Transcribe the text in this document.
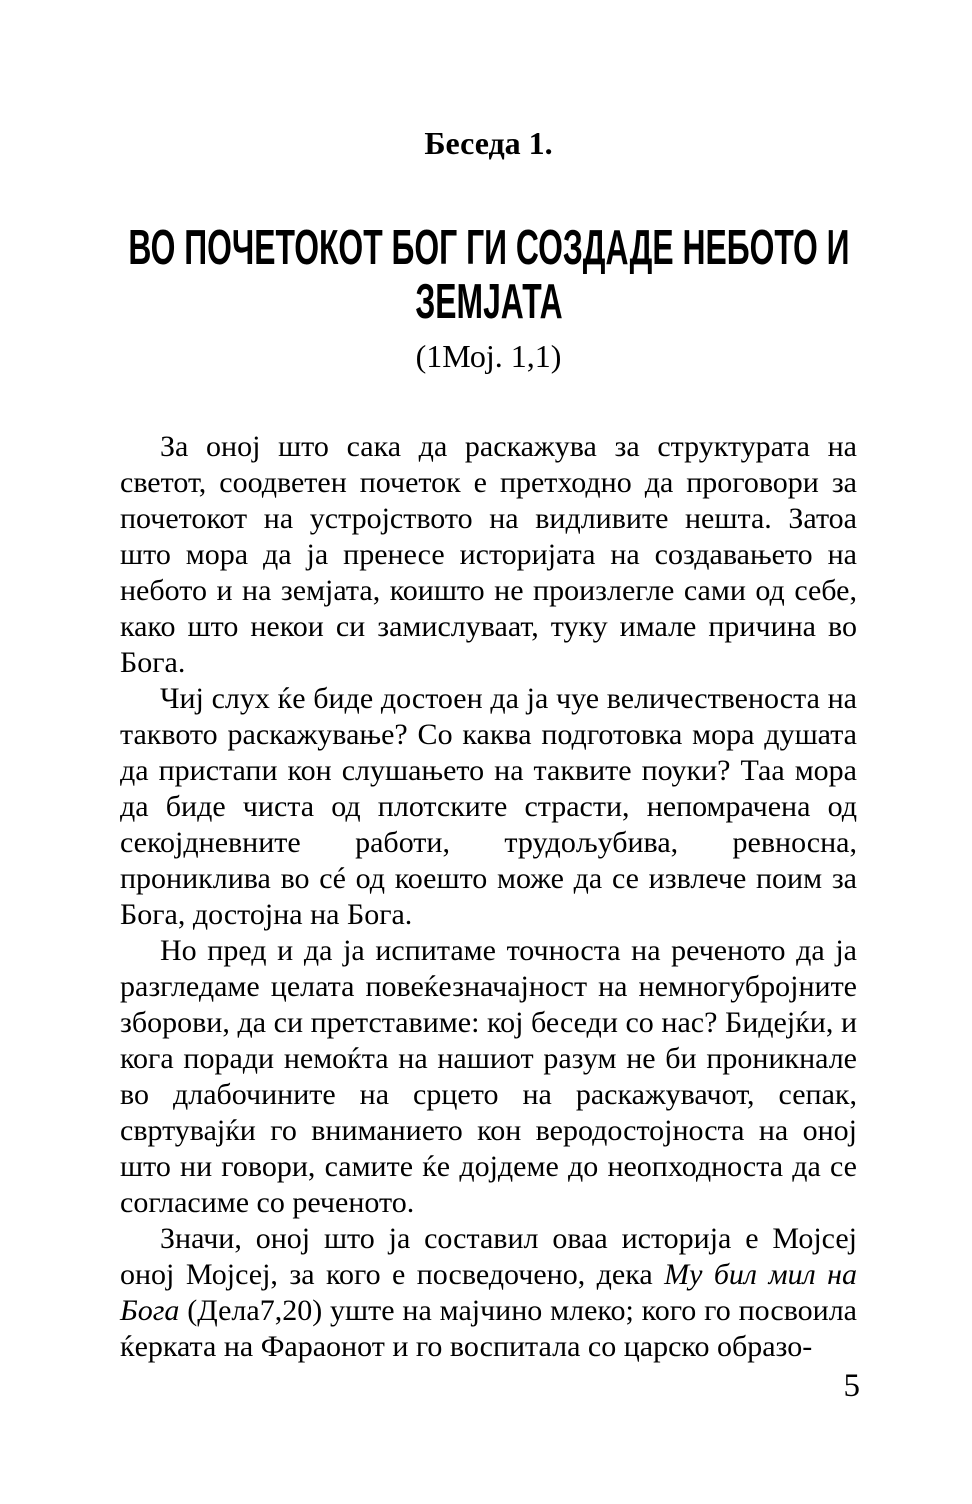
Беседа 1.
ВО ПОЧЕТОКОТ БОГ ГИ СОЗДАДЕ НЕБОТО И
ЗЕМЈАТА
(1Мој. 1,1)

За оној што сака да раскажува за структурата на светот, соодветен почеток е претходно да проговори за почетокот на устројството на видливите нешта. Затоа што мора да ја пренесе историјата на создавањето на небото и на земјата, коишто не произлегле сами од себе, како што некои си замислуваат, туку имале причина во Бога.

Чиј слух ќе биде достоен да ја чуе величественоста на таквото раскажување? Со каква подготовка мора душата да пристапи кон слушањето на таквите поуки? Таа мора да биде чиста од плотските страсти, непомрачена од секојдневните работи, трудољубива, ревносна, прониклива во сé од коешто може да се извлече поим за Бога, достојна на Бога.

Но пред и да ја испитаме точноста на реченото да ја разгледаме целата повеќезначајност на немногубројните зборови, да си претставиме: кој беседи со нас? Бидејќи, и кога поради немоќта на нашиот разум не би проникнале во длабочините на срцето на раскажувачот, сепак, свртувајќи го вниманието кон веродостојноста на оној што ни говори, самите ќе дојдеме до неопходноста да се согласиме со реченото.

Значи, оној што ја составил оваа историја е Мојсеј оној Мојсеј, за кого е посведочено, дека Му бил мил на Бога (Дела7,20) уште на мајчино млеко; кого го посвоила ќерката на Фараонот и го воспитала со царско образо-

5
